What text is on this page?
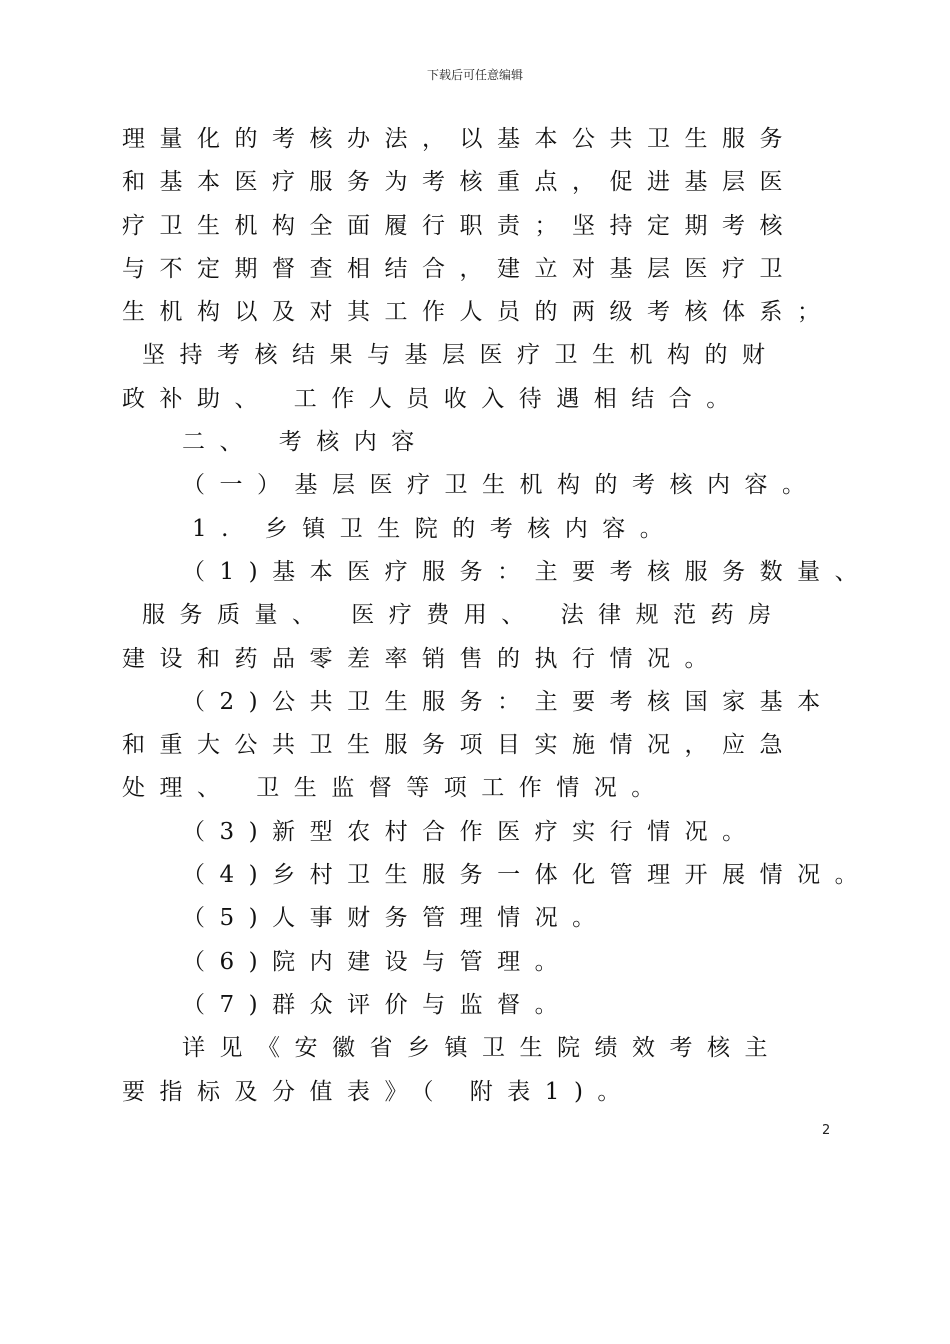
下载后可任意编辑
理量化的考核办法，以基本公共卫生服务
和基本医疗服务为考核重点，促进基层医
疗卫生机构全面履行职责；坚持定期考核
与不定期督查相结合，建立对基层医疗卫
生机构以及对其工作人员的两级考核体系；
坚持考核结果与基层医疗卫生机构的财
政补助、 工作人员收入待遇相结合。
二、 考核内容
（一）基层医疗卫生机构的考核内容。
1. 乡镇卫生院的考核内容。
（1)基本医疗服务：主要考核服务数量、
服务质量、 医疗费用、 法律规范药房
建设和药品零差率销售的执行情况。
（2)公共卫生服务：主要考核国家基本
和重大公共卫生服务项目实施情况，应急
处理、 卫生监督等项工作情况。
（3)新型农村合作医疗实行情况。
（4)乡村卫生服务一体化管理开展情况。
（5)人事财务管理情况。
（6)院内建设与管理。
（7)群众评价与监督。
详见《安徽省乡镇卫生院绩效考核主
要指标及分值表》（ 附表1)。
2
